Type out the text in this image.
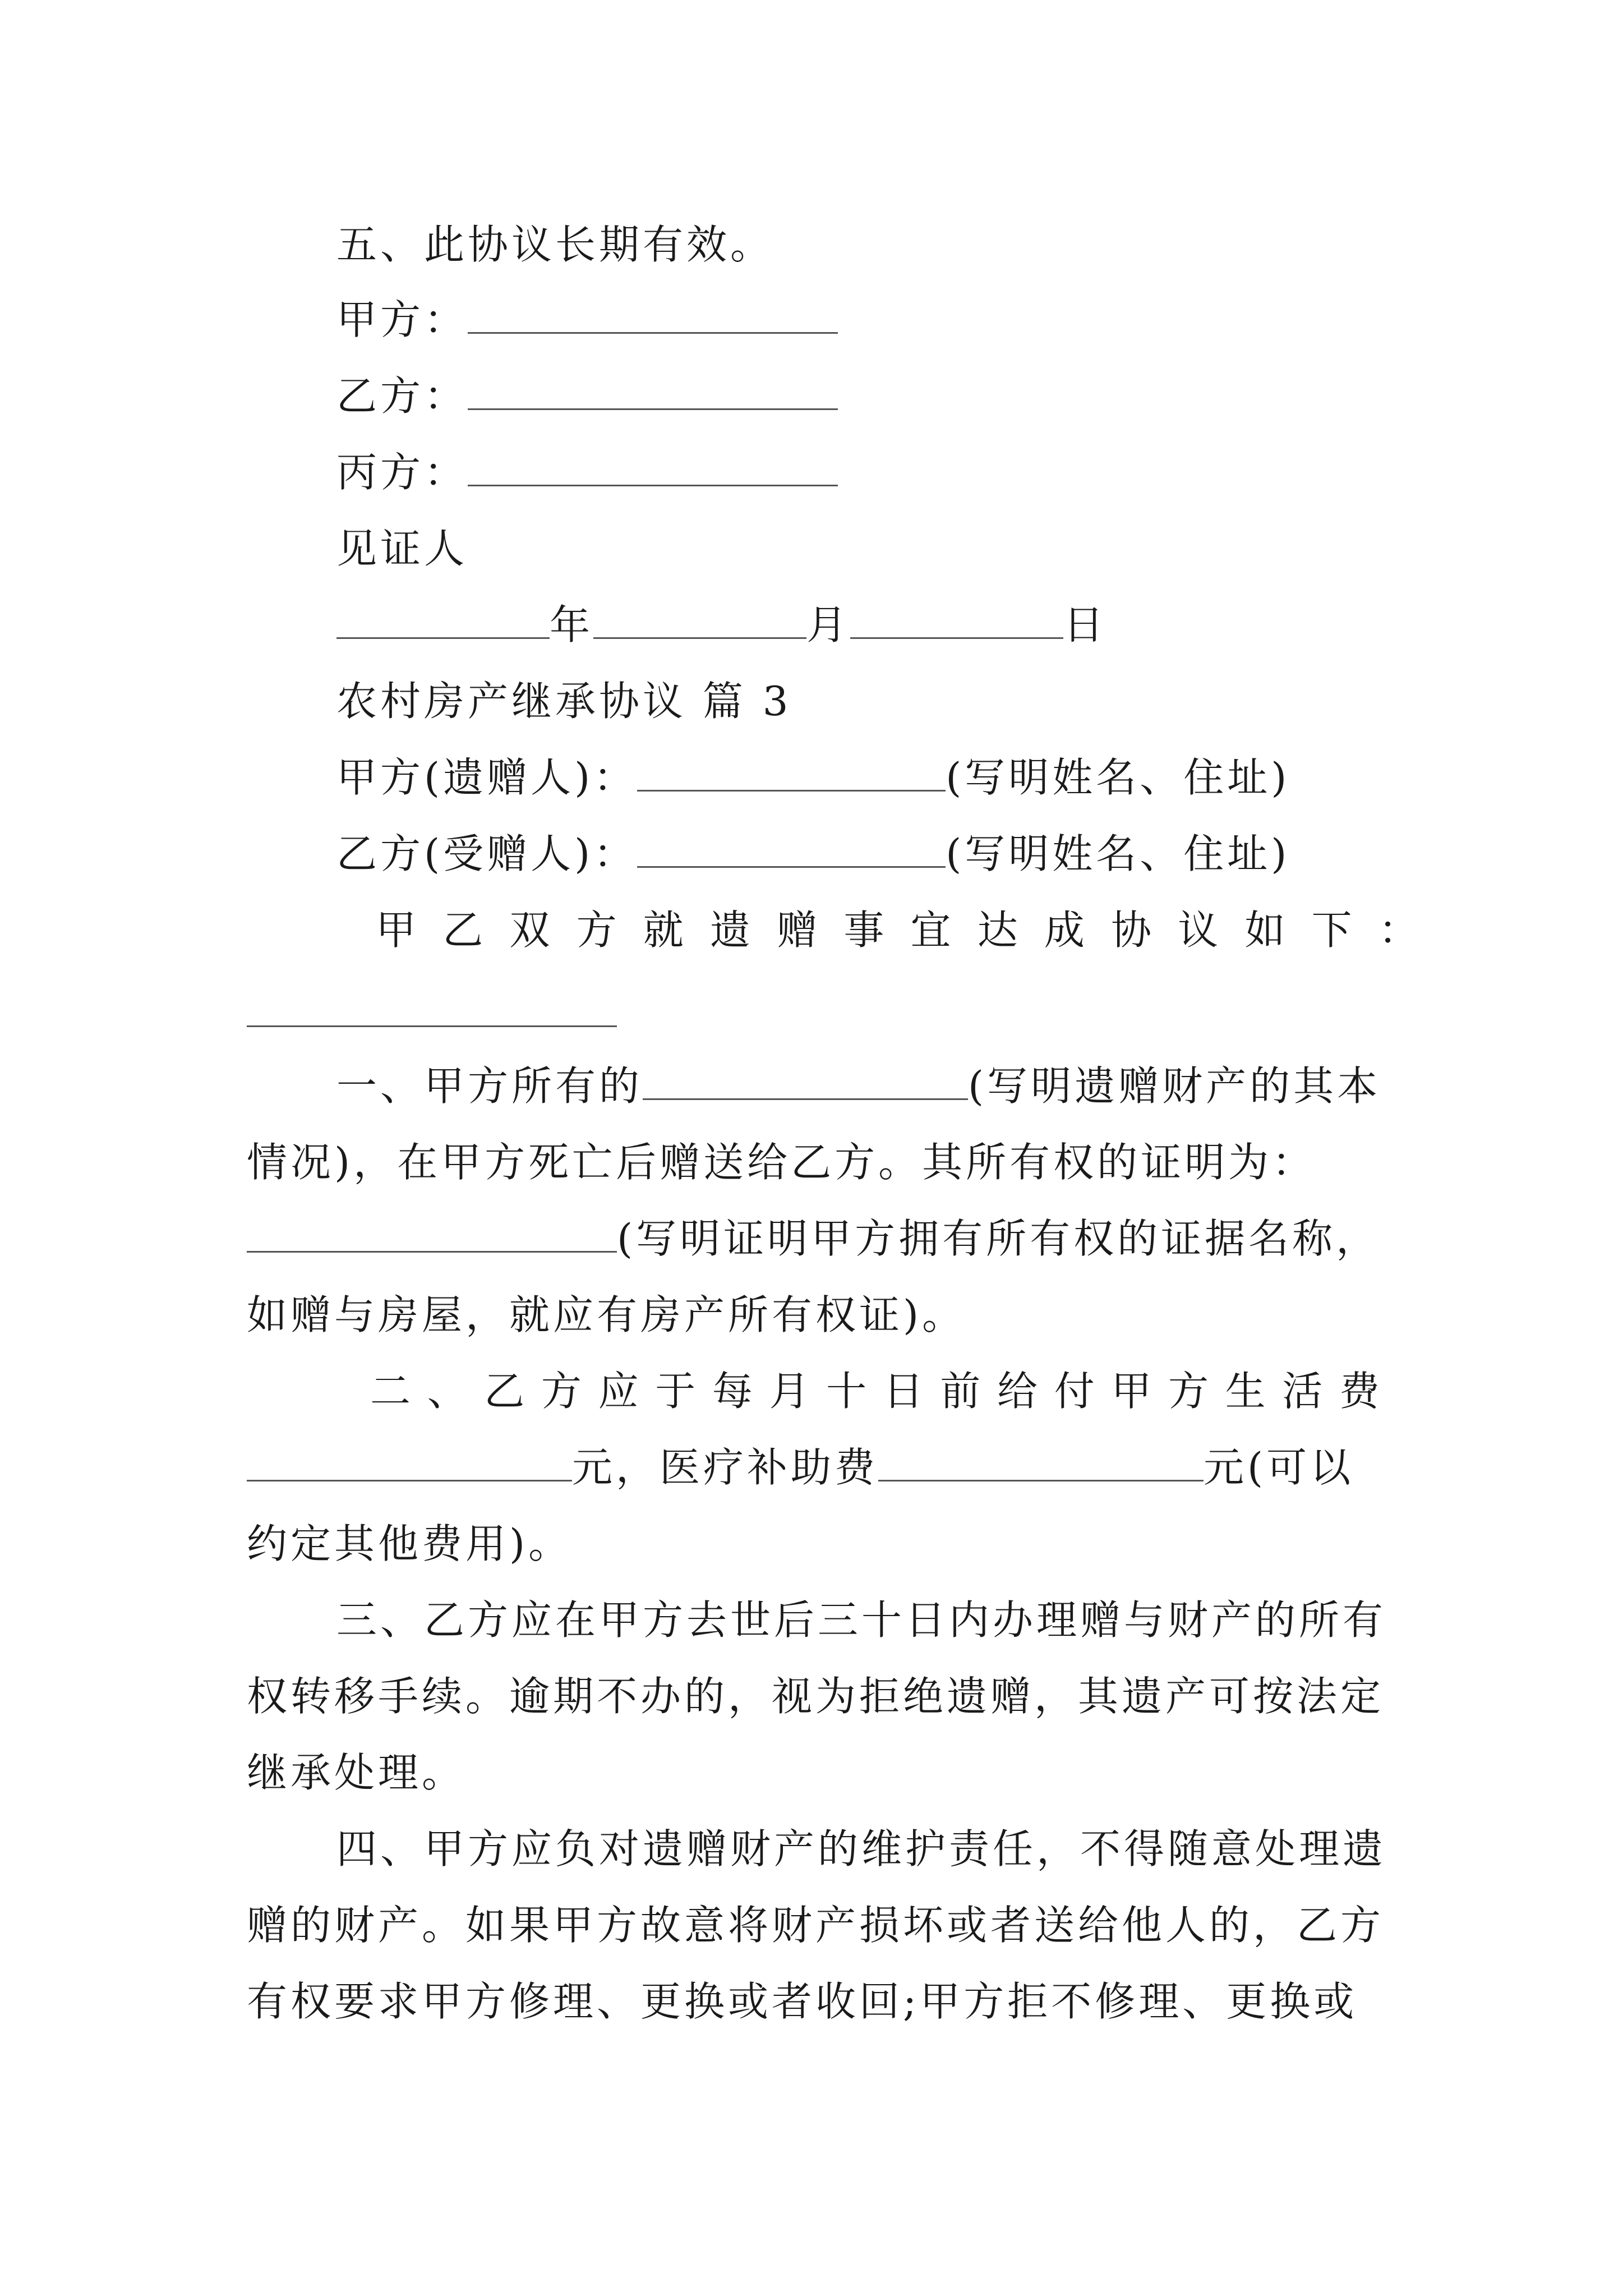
五、此协议长期有效。
甲方：
乙方：
丙方：
见证人
年	月	日
农村房产继承协议 篇 3
甲方(遗赠人)：	(写明姓名、住址)
乙方(受赠人)：	(写明姓名、住址)
甲 乙 双 方 就 遗 赠 事 宜 达 成 协 议 如 下 ：
一、甲方所有的	(写明遗赠财产的其本
情况)，在甲方死亡后赠送给乙方。其所有权的证明为：
(写明证明甲方拥有所有权的证据名称，
如赠与房屋，就应有房产所有权证)。
二 、 乙 方 应 于 每 月 十 日 前 给 付 甲 方 生 活 费
元，医疗补助费	元(可以
约定其他费用)。
三、乙方应在甲方去世后三十日内办理赠与财产的所有
权转移手续。逾期不办的，视为拒绝遗赠，其遗产可按法定
继承处理。
四、甲方应负对遗赠财产的维护责任，不得随意处理遗
赠的财产。如果甲方故意将财产损坏或者送给他人的，乙方
有权要求甲方修理、更换或者收回;甲方拒不修理、更换或
